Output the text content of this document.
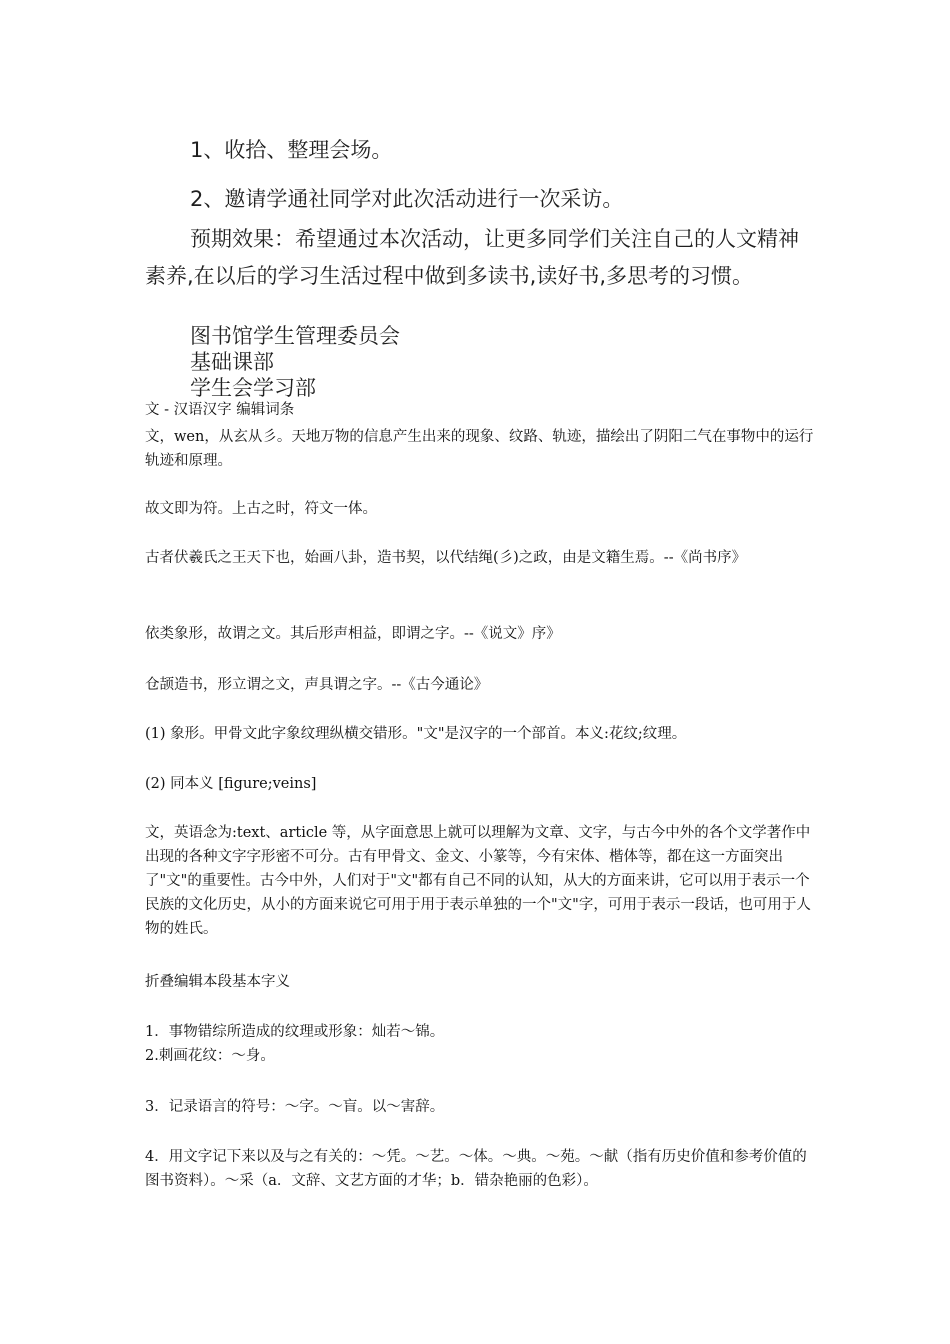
1、收拾、整理会场。

2、邀请学通社同学对此次活动进行一次采访。

预期效果：希望通过本次活动，让更多同学们关注自己的人文精神素养,在以后的学习生活过程中做到多读书,读好书,多思考的习惯。

图书馆学生管理委员会

基础课部

学生会学习部

文 - 汉语汉字 编辑词条

文，wen，从玄从彡。天地万物的信息产生出来的现象、纹路、轨迹，描绘出了阴阳二气在事物中的运行轨迹和原理。

故文即为符。上古之时，符文一体。

古者伏羲氏之王天下也，始画八卦，造书契，以代结绳(彡)之政，由是文籍生焉。--《尚书序》

依类象形，故谓之文。其后形声相益，即谓之字。--《说文》序》

仓颉造书，形立谓之文，声具谓之字。--《古今通论》

(1) 象形。甲骨文此字象纹理纵横交错形。"文"是汉字的一个部首。本义:花纹;纹理。

(2) 同本义 [figure;veins]

文，英语念为:text、article 等，从字面意思上就可以理解为文章、文字，与古今中外的各个文学著作中出现的各种文字字形密不可分。古有甲骨文、金文、小篆等，今有宋体、楷体等，都在这一方面突出了"文"的重要性。古今中外，人们对于"文"都有自己不同的认知，从大的方面来讲，它可以用于表示一个民族的文化历史，从小的方面来说它可用于用于表示单独的一个"文"字，可用于表示一段话，也可用于人物的姓氏。

折叠编辑本段基本字义

1．事物错综所造成的纹理或形象：灿若～锦。

2.刺画花纹：～身。

3．记录语言的符号：～字。～盲。以～害辞。

4．用文字记下来以及与之有关的：～凭。～艺。～体。～典。～苑。～献（指有历史价值和参考价值的图书资料）。～采（a．文辞、文艺方面的才华；b．错杂艳丽的色彩）。
